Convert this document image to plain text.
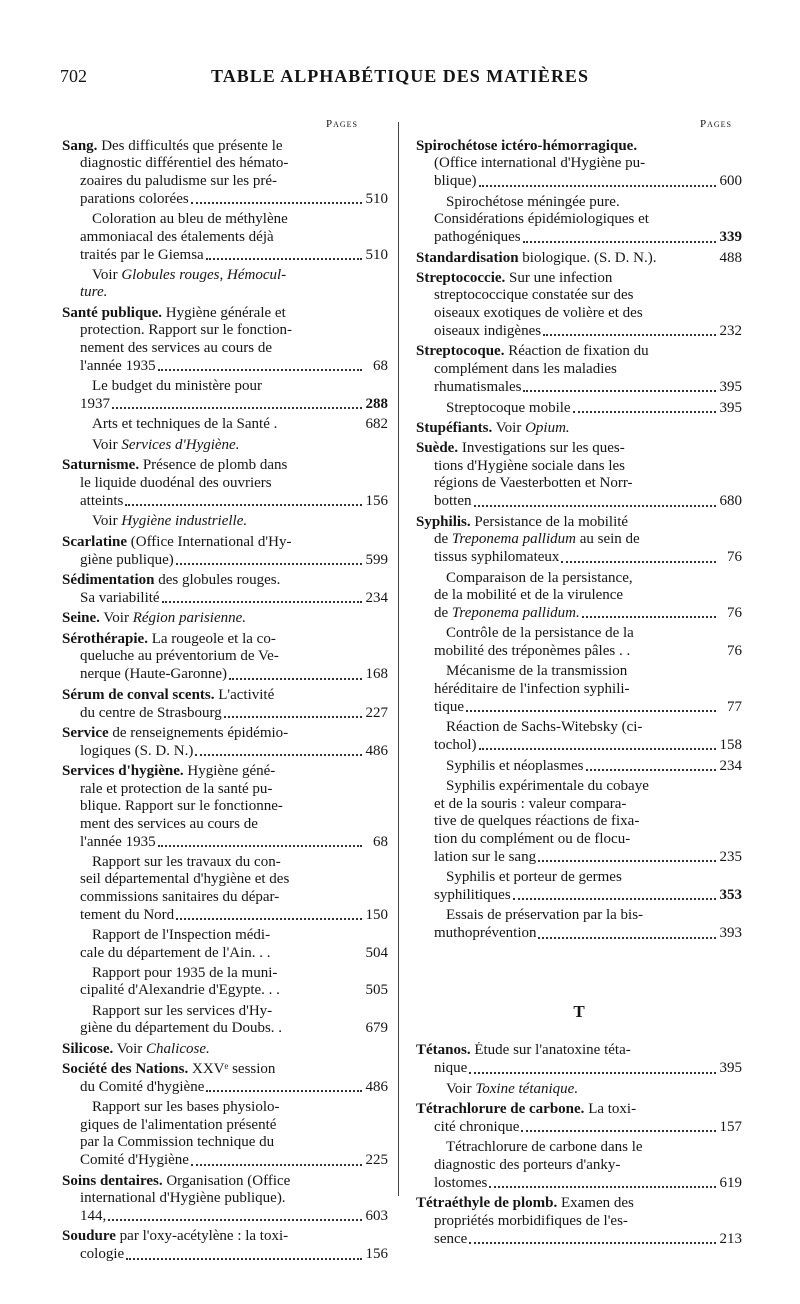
702	TABLE ALPHABÉTIQUE DES MATIÈRES
Pages	Pages
Sang. Des difficultés que présente le
diagnostic différentiel des hémato-
zoaires du paludisme sur les pré-
parations colorées	510
Coloration au bleu de méthylène
ammoniacal des étalements déjà
traités par le Giemsa	510
Voir Globules rouges, Hémocul-
ture.
Santé publique. Hygiène générale et
protection. Rapport sur le fonction-
nement des services au cours de
l'année 1935	68
Le budget du ministère pour
1937	288
Arts et techniques de la Santé .	682
Voir Services d'Hygiène.
Saturnisme. Présence de plomb dans
le liquide duodénal des ouvriers
atteints	156
Voir Hygiène industrielle.
Scarlatine (Office International d'Hy-
giène publique)	599
Sédimentation des globules rouges.
Sa variabilité	234
Seine. Voir Région parisienne.
Sérothérapie. La rougeole et la co-
queluche au préventorium de Ve-
nerque (Haute-Garonne)	168
Sérum de conval scents. L'activité
du centre de Strasbourg	227
Service de renseignements épidémio-
logiques (S. D. N.)	486
Services d'hygiène. Hygiène géné-
rale et protection de la santé pu-
blique. Rapport sur le fonctionne-
ment des services au cours de
l'année 1935	68
Rapport sur les travaux du con-
seil départemental d'hygiène et des
commissions sanitaires du dépar-
tement du Nord	150
Rapport de l'Inspection médi-
cale du département de l'Ain. . .	504
Rapport pour 1935 de la muni-
cipalité d'Alexandrie d'Egypte. . .	505
Rapport sur les services d'Hy-
giène du département du Doubs. .	679
Silicose. Voir Chalicose.
Société des Nations. XXVᵉ session
du Comité d'hygiène	486
Rapport sur les bases physiolo-
giques de l'alimentation présenté
par la Commission technique du
Comité d'Hygiène	225
Soins dentaires. Organisation (Office
international d'Hygiène publique).
144,	603
Soudure par l'oxy-acétylène : la toxi-
cologie	156
Spirochétose ictéro-hémorragique.
(Office international d'Hygiène pu-
blique)	600
Spirochétose méningée pure.
Considérations épidémiologiques et
pathogéniques	339
Standardisation biologique. (S. D. N.).	488
Streptococcie. Sur une infection
streptococcique constatée sur des
oiseaux exotiques de volière et des
oiseaux indigènes	232
Streptocoque. Réaction de fixation du
complément dans les maladies
rhumatismales	395
Streptocoque mobile	395
Stupéfiants. Voir Opium.
Suède. Investigations sur les ques-
tions d'Hygiène sociale dans les
régions de Vaesterbotten et Norr-
botten	680
Syphilis. Persistance de la mobilité
de Treponema pallidum au sein de
tissus syphilomateux	76
Comparaison de la persistance,
de la mobilité et de la virulence
de Treponema pallidum.	76
Contrôle de la persistance de la
mobilité des tréponèmes pâles . .	76
Mécanisme de la transmission
héréditaire de l'infection syphili-
tique	77
Réaction de Sachs-Witebsky (ci-
tochol)	158
Syphilis et néoplasmes	234
Syphilis expérimentale du cobaye
et de la souris : valeur compara-
tive de quelques réactions de fixa-
tion du complément ou de flocu-
lation sur le sang	235
Syphilis et porteur de germes
syphilitiques	353
Essais de préservation par la bis-
muthoprévention	393
T
Tétanos. Étude sur l'anatoxine téta-
nique	395
Voir Toxine tétanique.
Tétrachlorure de carbone. La toxi-
cité chronique	157
Tétrachlorure de carbone dans le
diagnostic des porteurs d'anky-
lostomes	619
Tétraéthyle de plomb. Examen des
propriétés morbidifiques de l'es-
sence	213
